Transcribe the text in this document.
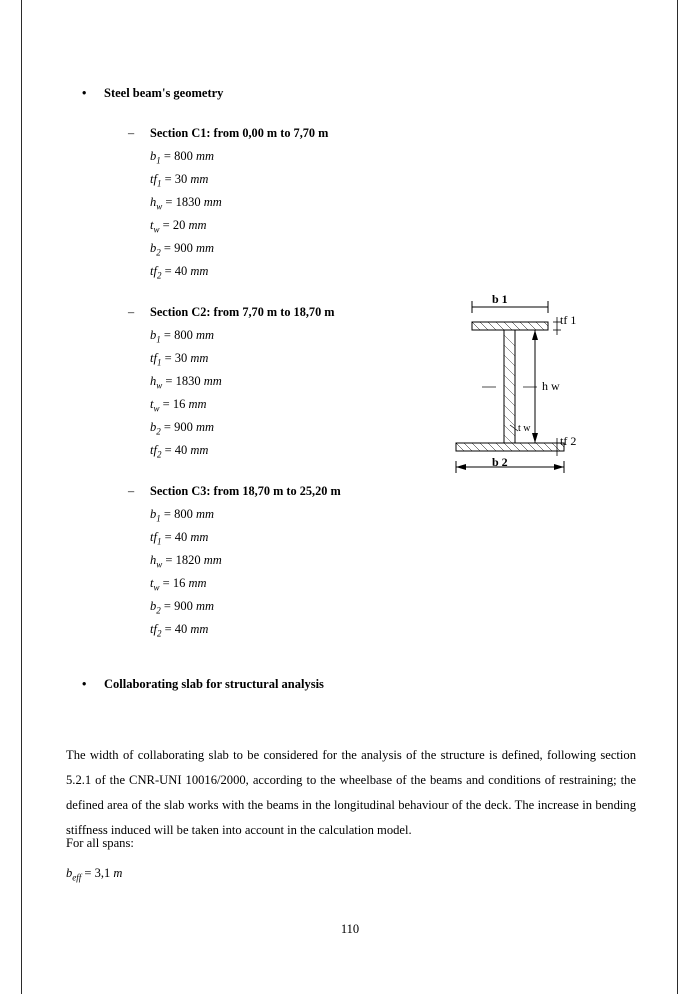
• Steel beam's geometry
– Section C1: from 0,00 m to 7,70 m
$b_1 = 800$ mm
$tf_1 = 30$ mm
$h_w = 1830$ mm
$t_w = 20$ mm
$b_2 = 900$ mm
$tf_2 = 40$ mm
– Section C2: from 7,70 m to 18,70 m
$b_1 = 800$ mm
$tf_1 = 30$ mm
$h_w = 1830$ mm
$t_w = 16$ mm
$b_2 = 900$ mm
$tf_2 = 40$ mm
– Section C3: from 18,70 m to 25,20 m
$b_1 = 800$ mm
$tf_1 = 40$ mm
$h_w = 1820$ mm
$t_w = 16$ mm
$b_2 = 900$ mm
$tf_2 = 40$ mm
• Collaborating slab for structural analysis
The width of collaborating slab to be considered for the analysis of the structure is defined, following section 5.2.1 of the CNR-UNI 10016/2000, according to the wheelbase of the beams and conditions of restraining; the defined area of the slab works with the beams in the longitudinal behaviour of the deck. The increase in bending stiffness induced will be taken into account in the calculation model.
For all spans:
$b_{eff} = 3,1$ m
110
b 1
b 2
h w
t w
tf 1
tf 2
